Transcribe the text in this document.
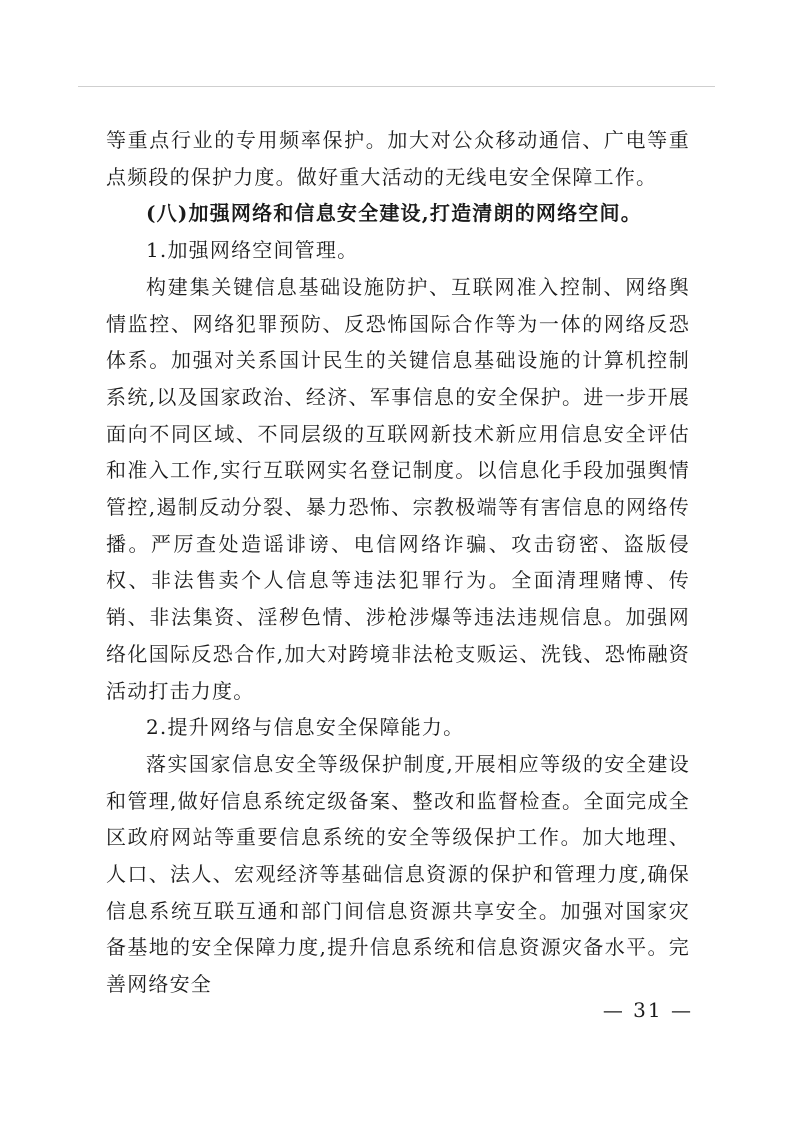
等重点行业的专用频率保护。加大对公众移动通信、广电等重点频段的保护力度。做好重大活动的无线电安全保障工作。

(八)加强网络和信息安全建设,打造清朗的网络空间。

1.加强网络空间管理。

构建集关键信息基础设施防护、互联网准入控制、网络舆情监控、网络犯罪预防、反恐怖国际合作等为一体的网络反恐体系。加强对关系国计民生的关键信息基础设施的计算机控制系统,以及国家政治、经济、军事信息的安全保护。进一步开展面向不同区域、不同层级的互联网新技术新应用信息安全评估和准入工作,实行互联网实名登记制度。以信息化手段加强舆情管控,遏制反动分裂、暴力恐怖、宗教极端等有害信息的网络传播。严厉查处造谣诽谤、电信网络诈骗、攻击窃密、盗版侵权、非法售卖个人信息等违法犯罪行为。全面清理赌博、传销、非法集资、淫秽色情、涉枪涉爆等违法违规信息。加强网络化国际反恐合作,加大对跨境非法枪支贩运、洗钱、恐怖融资活动打击力度。

2.提升网络与信息安全保障能力。

落实国家信息安全等级保护制度,开展相应等级的安全建设和管理,做好信息系统定级备案、整改和监督检查。全面完成全区政府网站等重要信息系统的安全等级保护工作。加大地理、人口、法人、宏观经济等基础信息资源的保护和管理力度,确保信息系统互联互通和部门间信息资源共享安全。加强对国家灾备基地的安全保障力度,提升信息系统和信息资源灾备水平。完善网络安全

— 31 —
